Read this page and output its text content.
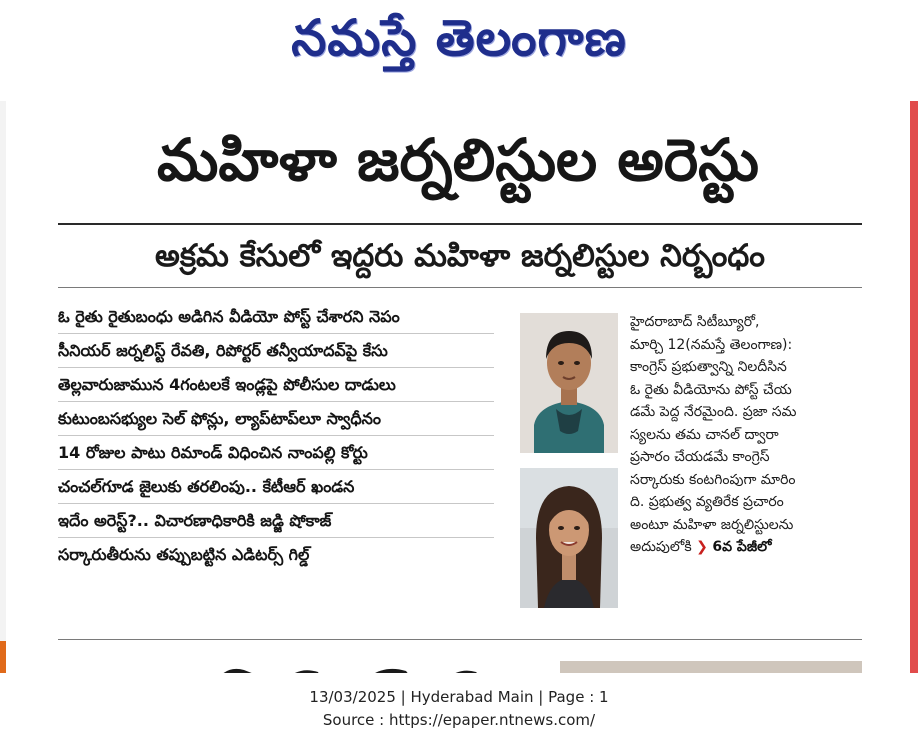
నమస్తే తెలంగాణ
మహిళా జర్నలిస్టుల అరెస్టు
అక్రమ కేసులో ఇద్దరు మహిళా జర్నలిస్టుల నిర్బంధం
ఓ రైతు రైతుబంధు అడిగిన వీడియో పోస్ట్ చేశారని నెపం
సీనియర్ జర్నలిస్ట్ రేవతి, రిపోర్టర్ తన్వీయాదవ్‌పై కేసు
తెల్లవారుజామున 4గంటలకే ఇండ్లపై పోలీసుల దాడులు
కుటుంబసభ్యుల సెల్ ఫోన్లు, ల్యాప్‌టాప్‌లూ స్వాధీనం
14 రోజుల పాటు రిమాండ్ విధించిన నాంపల్లి కోర్టు
చంచల్‌గూడ జైలుకు తరలింపు.. కేటీఆర్ ఖండన
ఇదేం అరెస్ట్?.. విచారణాధికారికి జడ్జి షోకాజ్
సర్కారుతీరును తప్పుబట్టిన ఎడిటర్స్ గిల్డ్
హైదరాబాద్ సిటీబ్యూరో,
మార్చి 12(నమస్తే తెలంగాణ):
కాంగ్రెస్ ప్రభుత్వాన్ని నిలదీసిన
ఓ రైతు వీడియోను పోస్ట్ చేయ
డమే పెద్ద నేరమైంది. ప్రజా సమ
స్యలను తమ చానల్ ద్వారా
ప్రసారం చేయడమే కాంగ్రెస్
సర్కారుకు కంటగింపుగా మారిం
ది. ప్రభుత్వ వ్యతిరేక ప్రచారం
అంటూ మహిళా జర్నలిస్టులను
అదుపులోకి ❯ 6వ పేజీలో
13/03/2025 | Hyderabad Main | Page : 1
Source : https://epaper.ntnews.com/
